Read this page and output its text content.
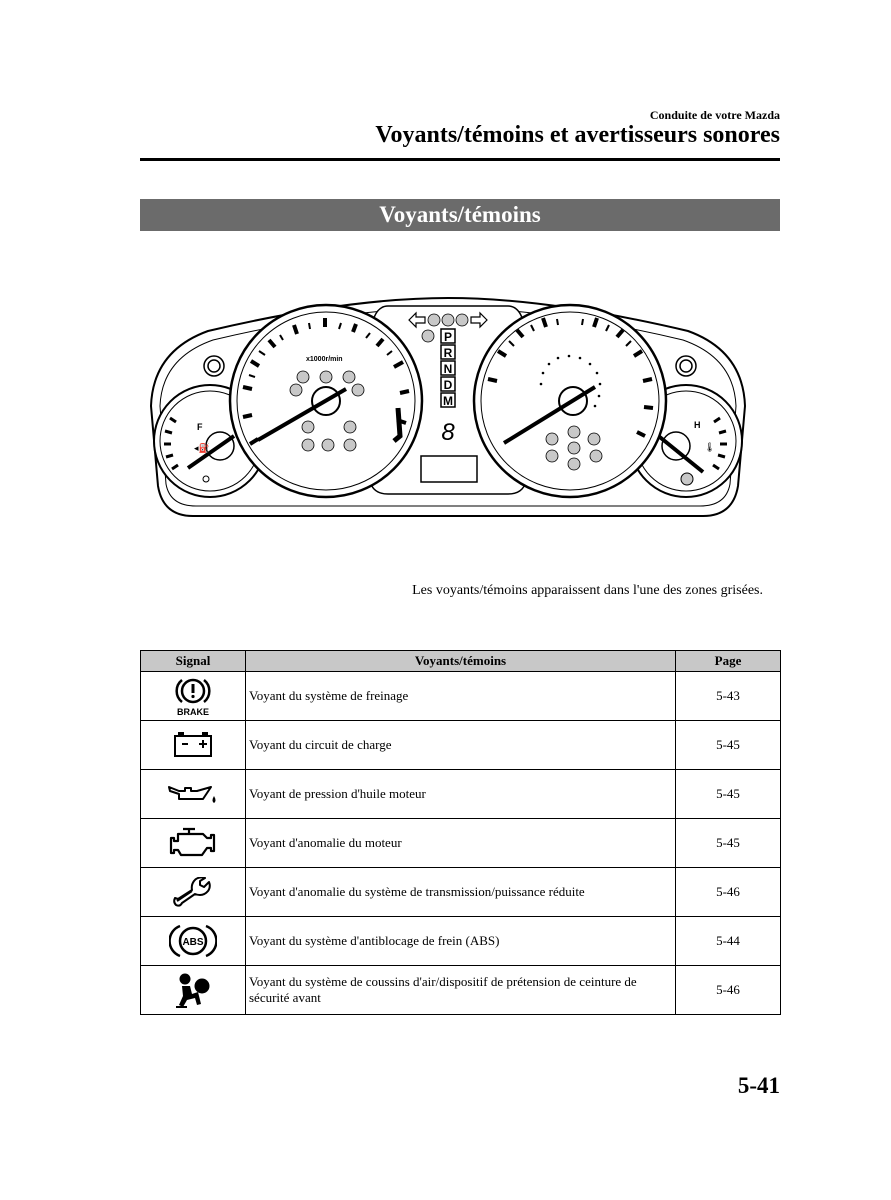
Conduite de votre Mazda
Voyants/témoins et avertisseurs sonores
Voyants/témoins
F
◂⛽
H
🌡
x1000r/min
P
R
N
D
M
8
Les voyants/témoins apparaissent dans l'une des zones grisées.
Signal	Voyants/témoins	Page

BRAKE	Voyant du système de freinage	5-43

	Voyant du circuit de charge	5-45

	Voyant de pression d'huile moteur	5-45

	Voyant d'anomalie du moteur	5-45

	Voyant d'anomalie du système de transmission/puissance réduite	5-46

ABS	Voyant du système d'antiblocage de frein (ABS)	5-44

	Voyant du système de coussins d'air/dispositif de prétension de ceinture de sécurité avant	5-46
5-41
